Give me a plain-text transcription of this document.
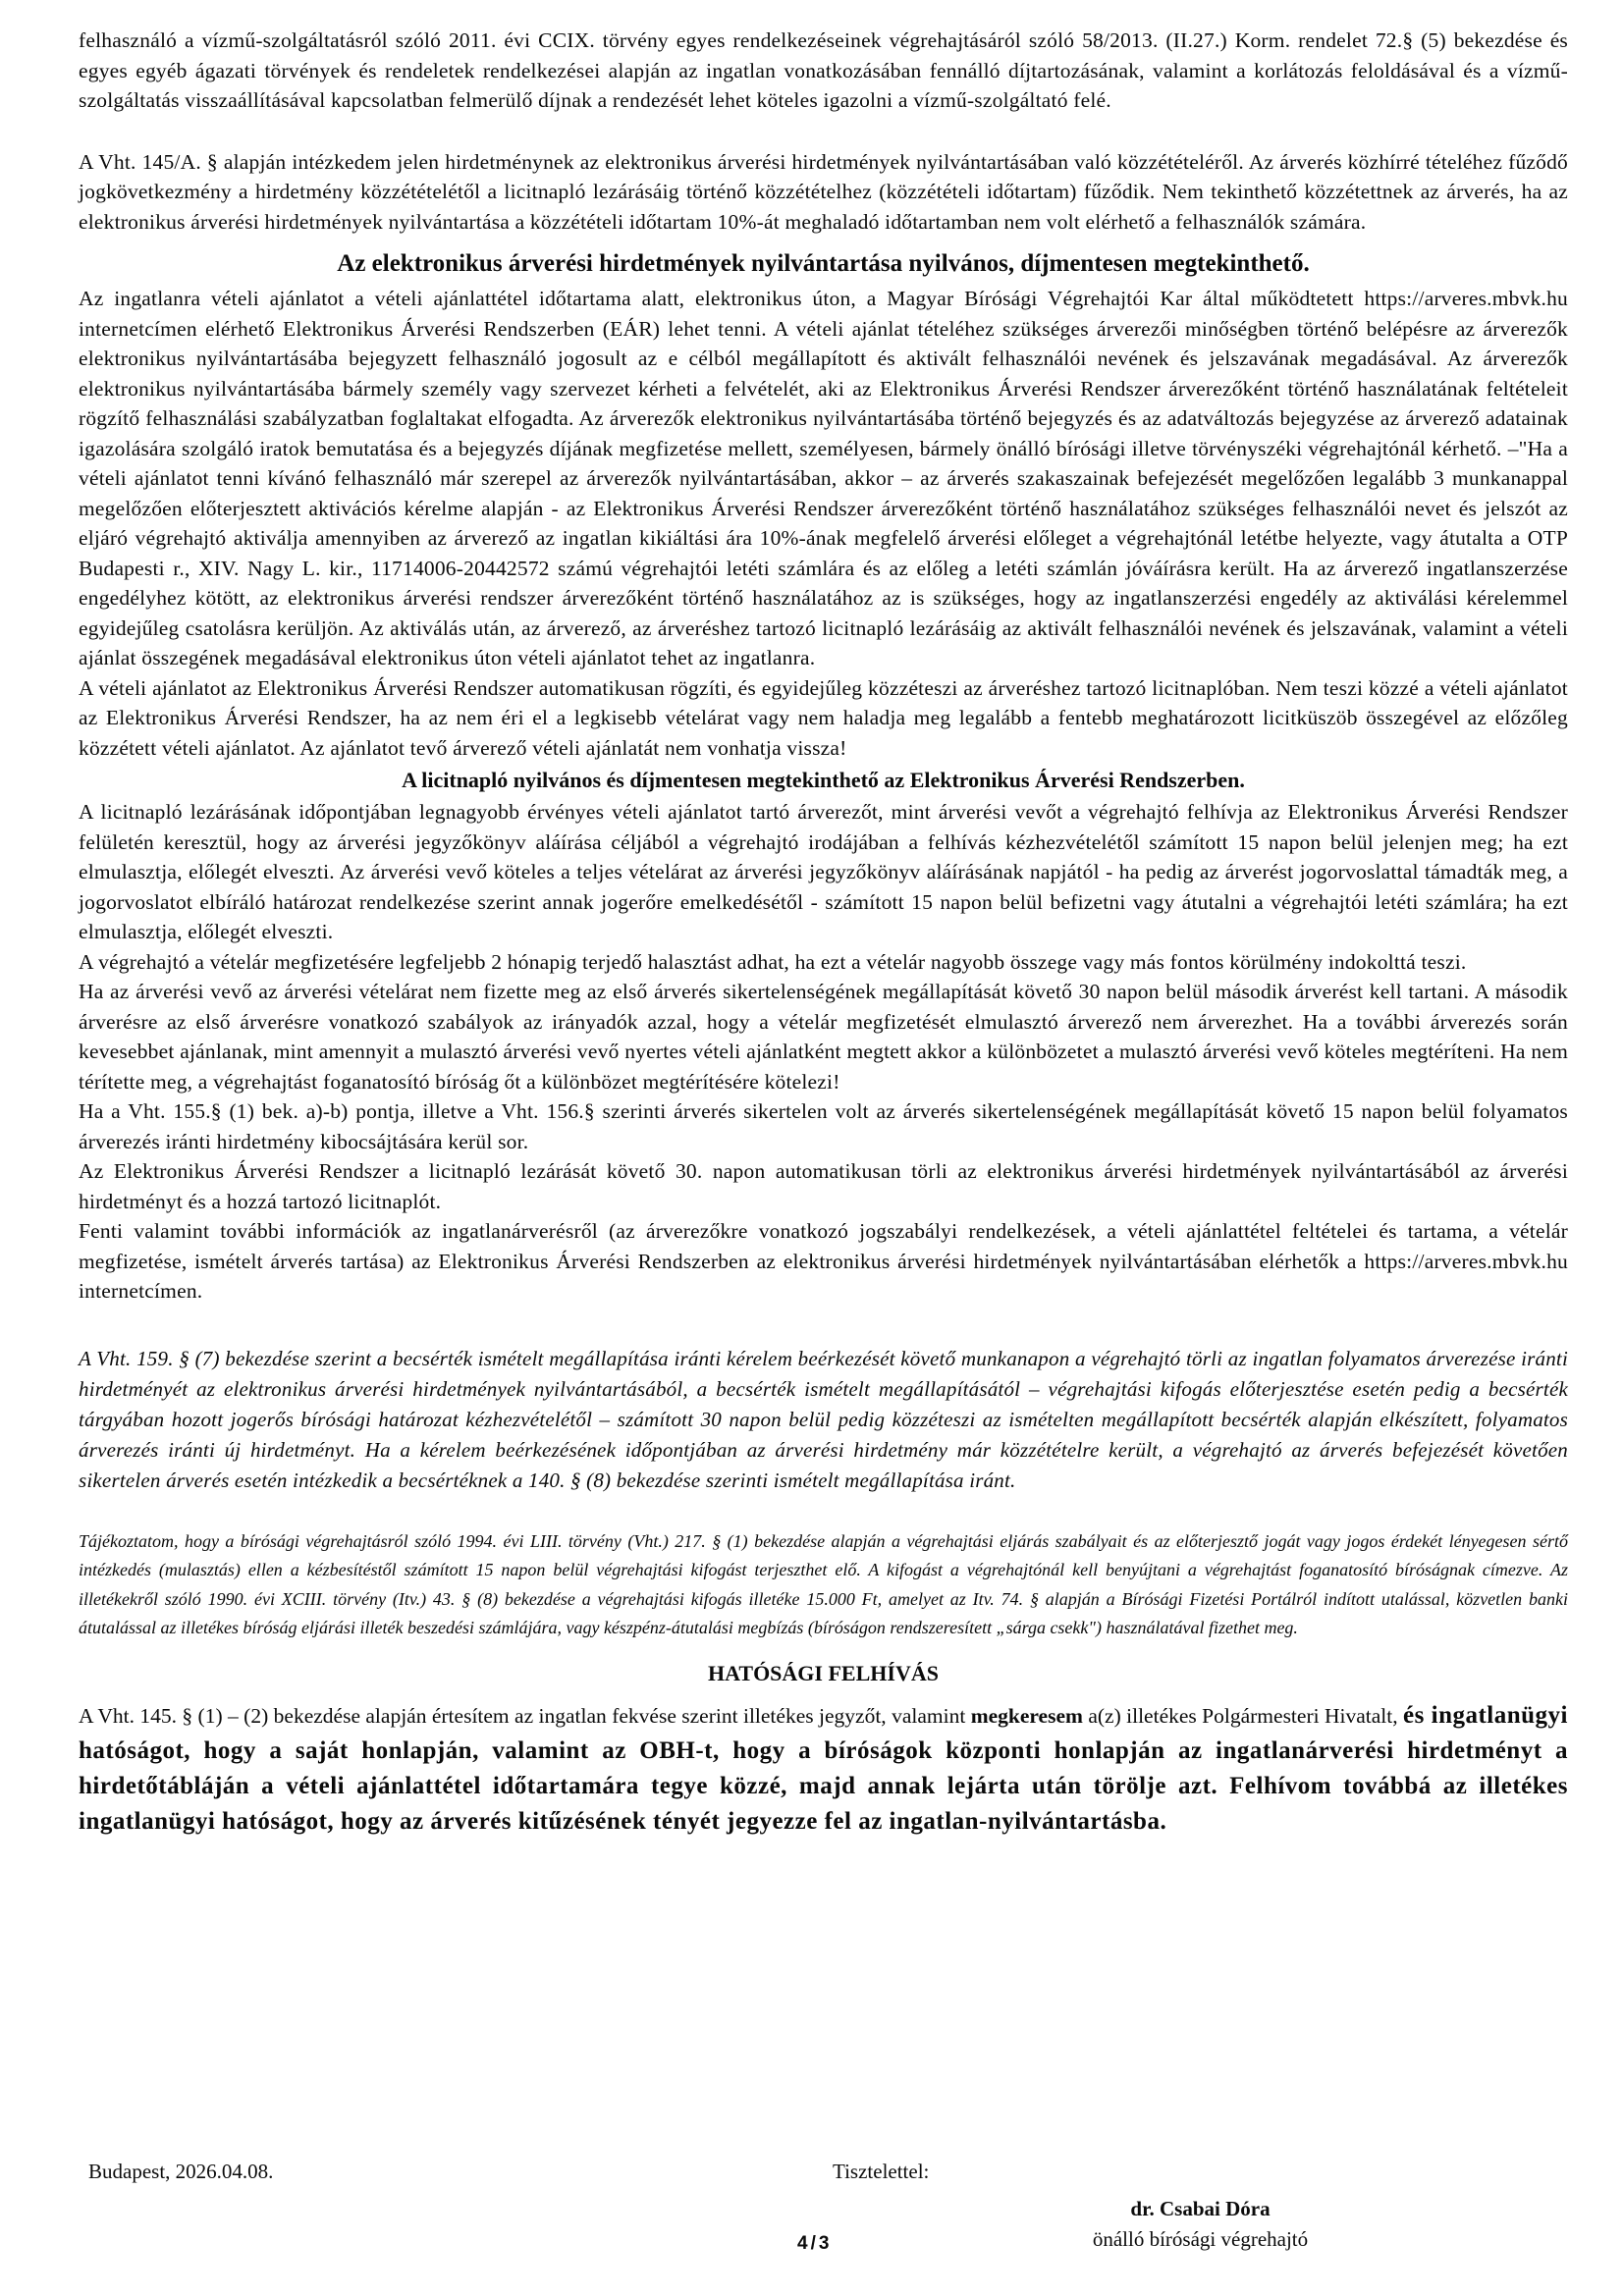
felhasználó a vízmű-szolgáltatásról szóló 2011. évi CCIX. törvény egyes rendelkezéseinek végrehajtásáról szóló 58/2013. (II.27.) Korm. rendelet 72.§ (5) bekezdése és egyes egyéb ágazati törvények és rendeletek rendelkezései alapján az ingatlan vonatkozásában fennálló díjtartozásának, valamint a korlátozás feloldásával és a vízmű-szolgáltatás visszaállításával kapcsolatban felmerülő díjnak a rendezését lehet köteles igazolni a vízmű-szolgáltató felé.

A Vht. 145/A. § alapján intézkedem jelen hirdetménynek az elektronikus árverési hirdetmények nyilvántartásában való közzétételéről. Az árverés közhírré tételéhez fűződő jogkövetkezmény a hirdetmény közzétételétől a licitnapló lezárásáig történő közzétételhez (közzétételi időtartam) fűződik. Nem tekinthető közzétettnek az árverés, ha az elektronikus árverési hirdetmények nyilvántartása a közzétételi időtartam 10%-át meghaladó időtartamban nem volt elérhető a felhasználók számára.

Az elektronikus árverési hirdetmények nyilvántartása nyilvános, díjmentesen megtekinthető.

Az ingatlanra vételi ajánlatot a vételi ajánlattétel időtartama alatt, elektronikus úton, a Magyar Bírósági Végrehajtói Kar által működtetett https://arveres.mbvk.hu internetcímen elérhető Elektronikus Árverési Rendszerben (EÁR) lehet tenni. A vételi ajánlat tételéhez szükséges árverezői minőségben történő belépésre az árverezők elektronikus nyilvántartásába bejegyzett felhasználó jogosult az e célból megállapított és aktivált felhasználói nevének és jelszavának megadásával. Az árverezők elektronikus nyilvántartásába bármely személy vagy szervezet kérheti a felvételét, aki az Elektronikus Árverési Rendszer árverezőként történő használatának feltételeit rögzítő felhasználási szabályzatban foglaltakat elfogadta. Az árverezők elektronikus nyilvántartásába történő bejegyzés és az adatváltozás bejegyzése az árverező adatainak igazolására szolgáló iratok bemutatása és a bejegyzés díjának megfizetése mellett, személyesen, bármely önálló bírósági illetve törvényszéki végrehajtónál kérhető. –"Ha a vételi ajánlatot tenni kívánó felhasználó már szerepel az árverezők nyilvántartásában, akkor – az árverés szakaszainak befejezését megelőzően legalább 3 munkanappal megelőzően előterjesztett aktivációs kérelme alapján - az Elektronikus Árverési Rendszer árverezőként történő használatához szükséges felhasználói nevet és jelszót az eljáró végrehajtó aktiválja amennyiben az árverező az ingatlan kikiáltási ára 10%-ának megfelelő árverési előleget a végrehajtónál letétbe helyezte, vagy átutalta a OTP Budapesti r., XIV. Nagy L. kir., 11714006-20442572 számú végrehajtói letéti számlára és az előleg a letéti számlán jóváírásra került. Ha az árverező ingatlanszerzése engedélyhez kötött, az elektronikus árverési rendszer árverezőként történő használatához az is szükséges, hogy az ingatlanszerzési engedély az aktiválási kérelemmel egyidejűleg csatolásra kerüljön. Az aktiválás után, az árverező, az árveréshez tartozó licitnapló lezárásáig az aktivált felhasználói nevének és jelszavának, valamint a vételi ajánlat összegének megadásával elektronikus úton vételi ajánlatot tehet az ingatlanra.

A vételi ajánlatot az Elektronikus Árverési Rendszer automatikusan rögzíti, és egyidejűleg közzéteszi az árveréshez tartozó licitnaplóban. Nem teszi közzé a vételi ajánlatot az Elektronikus Árverési Rendszer, ha az nem éri el a legkisebb vételárat vagy nem haladja meg legalább a fentebb meghatározott licitküszöb összegével az előzőleg közzétett vételi ajánlatot. Az ajánlatot tevő árverező vételi ajánlatát nem vonhatja vissza!

A licitnapló nyilvános és díjmentesen megtekinthető az Elektronikus Árverési Rendszerben.

A licitnapló lezárásának időpontjában legnagyobb érvényes vételi ajánlatot tartó árverezőt, mint árverési vevőt a végrehajtó felhívja az Elektronikus Árverési Rendszer felületén keresztül, hogy az árverési jegyzőkönyv aláírása céljából a végrehajtó irodájában a felhívás kézhezvételétől számított 15 napon belül jelenjen meg; ha ezt elmulasztja, előlegét elveszti. Az árverési vevő köteles a teljes vételárat az árverési jegyzőkönyv aláírásának napjától - ha pedig az árverést jogorvoslattal támadták meg, a jogorvoslatot elbíráló határozat rendelkezése szerint annak jogerőre emelkedésétől - számított 15 napon belül befizetni vagy átutalni a végrehajtói letéti számlára; ha ezt elmulasztja, előlegét elveszti.

A végrehajtó a vételár megfizetésére legfeljebb 2 hónapig terjedő halasztást adhat, ha ezt a vételár nagyobb összege vagy más fontos körülmény indokolttá teszi.

Ha az árverési vevő az árverési vételárat nem fizette meg az első árverés sikertelenségének megállapítását követő 30 napon belül második árverést kell tartani. A második árverésre az első árverésre vonatkozó szabályok az irányadók azzal, hogy a vételár megfizetését elmulasztó árverező nem árverezhet. Ha a további árverezés során kevesebbet ajánlanak, mint amennyit a mulasztó árverési vevő nyertes vételi ajánlatként megtett akkor a különbözetet a mulasztó árverési vevő köteles megtéríteni. Ha nem térítette meg, a végrehajtást foganatosító bíróság őt a különbözet megtérítésére kötelezi!

Ha a Vht. 155.§ (1) bek. a)-b) pontja, illetve a Vht. 156.§ szerinti árverés sikertelen volt az árverés sikertelenségének megállapítását követő 15 napon belül folyamatos árverezés iránti hirdetmény kibocsájtására kerül sor.

Az Elektronikus Árverési Rendszer a licitnapló lezárását követő 30. napon automatikusan törli az elektronikus árverési hirdetmények nyilvántartásából az árverési hirdetményt és a hozzá tartozó licitnaplót.

Fenti valamint további információk az ingatlanárverésről (az árverezőkre vonatkozó jogszabályi rendelkezések, a vételi ajánlattétel feltételei és tartama, a vételár megfizetése, ismételt árverés tartása) az Elektronikus Árverési Rendszerben az elektronikus árverési hirdetmények nyilvántartásában elérhetők a https://arveres.mbvk.hu internetcímen.

A Vht. 159. § (7) bekezdése szerint a becsérték ismételt megállapítása iránti kérelem beérkezését követő munkanapon a végrehajtó törli az ingatlan folyamatos árverezése iránti hirdetményét az elektronikus árverési hirdetmények nyilvántartásából, a becsérték ismételt megállapításától – végrehajtási kifogás előterjesztése esetén pedig a becsérték tárgyában hozott jogerős bírósági határozat kézhezvételétől – számított 30 napon belül pedig közzéteszi az ismételten megállapított becsérték alapján elkészített, folyamatos árverezés iránti új hirdetményt. Ha a kérelem beérkezésének időpontjában az árverési hirdetmény már közzétételre került, a végrehajtó az árverés befejezését követően sikertelen árverés esetén intézkedik a becsértéknek a 140. § (8) bekezdése szerinti ismételt megállapítása iránt.

Tájékoztatom, hogy a bírósági végrehajtásról szóló 1994. évi LIII. törvény (Vht.) 217. § (1) bekezdése alapján a végrehajtási eljárás szabályait és az előterjesztő jogát vagy jogos érdekét lényegesen sértő intézkedés (mulasztás) ellen a kézbesítéstől számított 15 napon belül végrehajtási kifogást terjeszthet elő. A kifogást a végrehajtónál kell benyújtani a végrehajtást foganatosító bíróságnak címezve. Az illetékekről szóló 1990. évi XCIII. törvény (Itv.) 43. § (8) bekezdése a végrehajtási kifogás illetéke 15.000 Ft, amelyet az Itv. 74. § alapján a Bírósági Fizetési Portálról indított utalással, közvetlen banki átutalással az illetékes bíróság eljárási illeték beszedési számlájára, vagy készpénz-átutalási megbízás (bíróságon rendszeresített „sárga csekk") használatával fizethet meg.

HATÓSÁGI FELHÍVÁS

A Vht. 145. § (1) – (2) bekezdése alapján értesítem az ingatlan fekvése szerint illetékes jegyzőt, valamint megkeresem a(z) illetékes Polgármesteri Hivatalt, és ingatlanügyi hatóságot, hogy a saját honlapján, valamint az OBH-t, hogy a bíróságok központi honlapján az ingatlanárverési hirdetményt a hirdetőtábláján a vételi ajánlattétel időtartamára tegye közzé, majd annak lejárta után törölje azt. Felhívom továbbá az illetékes ingatlanügyi hatóságot, hogy az árverés kitűzésének tényét jegyezze fel az ingatlan-nyilvántartásba.

Budapest, 2026.04.08.	Tisztelettel:
dr. Csabai Dóra
önálló bírósági végrehajtó
4/3
